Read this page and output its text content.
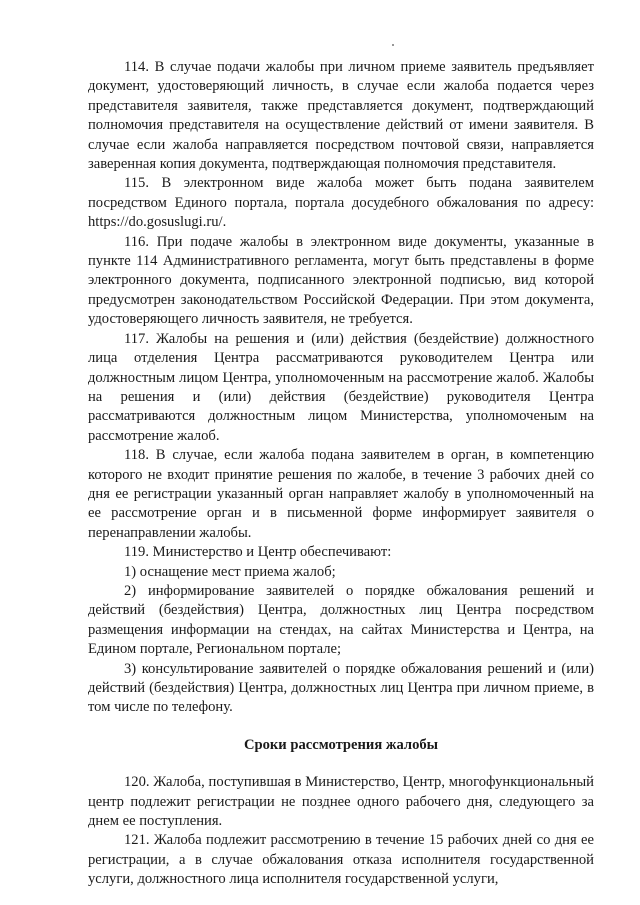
114. В случае подачи жалобы при личном приеме заявитель предъявляет документ, удостоверяющий личность, в случае если жалоба подается через представителя заявителя, также представляется документ, подтверждающий полномочия представителя на осуществление действий от имени заявителя. В случае если жалоба направляется посредством почтовой связи, направляется заверенная копия документа, подтверждающая полномочия представителя.

115. В электронном виде жалоба может быть подана заявителем посредством Единого портала, портала досудебного обжалования по адресу: https://do.gosuslugi.ru/.

116. При подаче жалобы в электронном виде документы, указанные в пункте 114 Административного регламента, могут быть представлены в форме электронного документа, подписанного электронной подписью, вид которой предусмотрен законодательством Российской Федерации. При этом документа, удостоверяющего личность заявителя, не требуется.

117. Жалобы на решения и (или) действия (бездействие) должностного лица отделения Центра рассматриваются руководителем Центра или должностным лицом Центра, уполномоченным на рассмотрение жалоб. Жалобы на решения и (или) действия (бездействие) руководителя Центра рассматриваются должностным лицом Министерства, уполномоченым на рассмотрение жалоб.

118. В случае, если жалоба подана заявителем в орган, в компетенцию которого не входит принятие решения по жалобе, в течение 3 рабочих дней со дня ее регистрации указанный орган направляет жалобу в уполномоченный на ее рассмотрение орган и в письменной форме информирует заявителя о перенаправлении жалобы.

119. Министерство и Центр обеспечивают:

1) оснащение мест приема жалоб;

2) информирование заявителей о порядке обжалования решений и действий (бездействия) Центра, должностных лиц Центра посредством размещения информации на стендах, на сайтах Министерства и Центра, на Едином портале, Региональном портале;

3) консультирование заявителей о порядке обжалования решений и (или) действий (бездействия) Центра, должностных лиц Центра при личном приеме, в том числе по телефону.

Сроки рассмотрения жалобы

120. Жалоба, поступившая в Министерство, Центр, многофункциональный центр подлежит регистрации не позднее одного рабочего дня, следующего за днем ее поступления.

121. Жалоба подлежит рассмотрению в течение 15 рабочих дней со дня ее регистрации, а в случае обжалования отказа исполнителя государственной услуги, должностного лица исполнителя государственной услуги,
